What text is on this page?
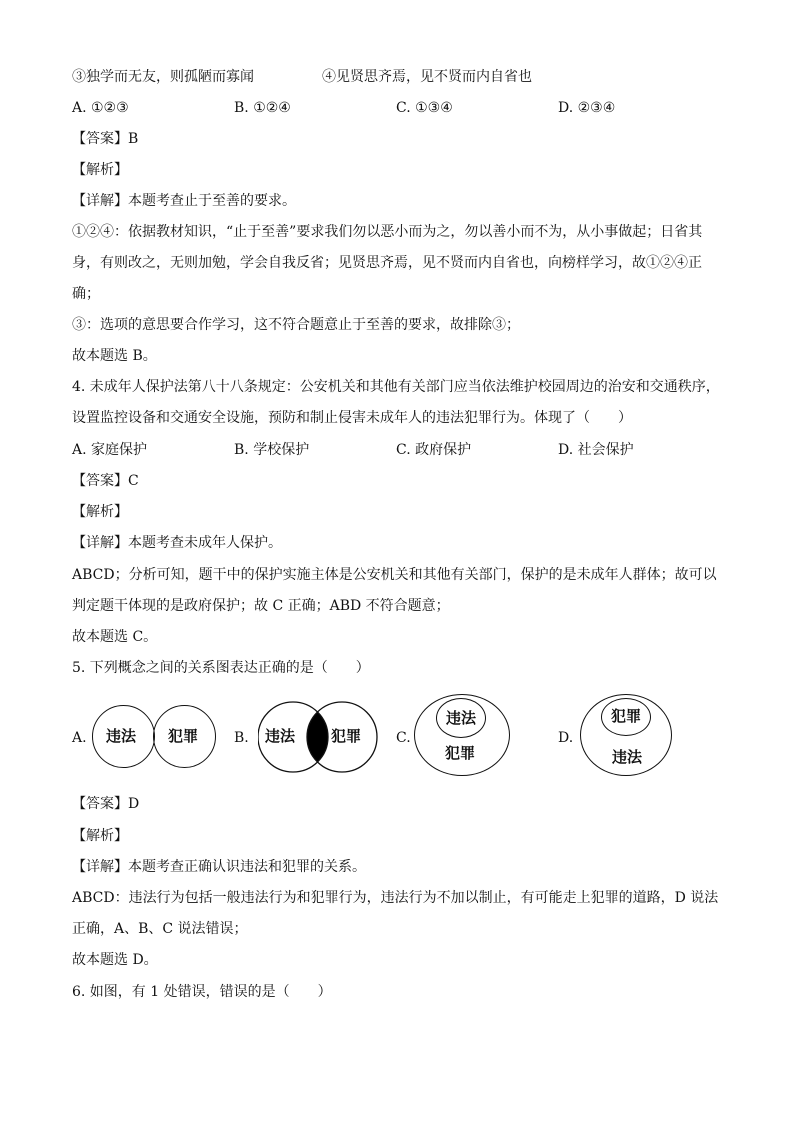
③独学而无友，则孤陋而寡闻	④见贤思齐焉，见不贤而内自省也
A. ①②③	B. ①②④	C. ①③④	D. ②③④
【答案】B
【解析】
【详解】本题考查止于至善的要求。
①②④：依据教材知识，“止于至善”要求我们勿以恶小而为之，勿以善小而不为，从小事做起；日省其
身，有则改之，无则加勉，学会自我反省；见贤思齐焉，见不贤而内自省也，向榜样学习，故①②④正
确；
③：选项的意思要合作学习，这不符合题意止于至善的要求，故排除③；
故本题选 B。
4. 未成年人保护法第八十八条规定：公安机关和其他有关部门应当依法维护校园周边的治安和交通秩序，
设置监控设备和交通安全设施，预防和制止侵害未成年人的违法犯罪行为。体现了（　　）
A. 家庭保护	B. 学校保护	C. 政府保护	D. 社会保护
【答案】C
【解析】
【详解】本题考查未成年人保护。
ABCD；分析可知，题干中的保护实施主体是公安机关和其他有关部门，保护的是未成年人群体；故可以
判定题干体现的是政府保护；故 C 正确；ABD 不符合题意；
故本题选 C。
5. 下列概念之间的关系图表达正确的是（　　）
A. 违法 犯罪	B. 违法 犯罪 C.
违法
犯罪
D.
犯罪
违法
【答案】D
【解析】
【详解】本题考查正确认识违法和犯罪的关系。
ABCD：违法行为包括一般违法行为和犯罪行为，违法行为不加以制止，有可能走上犯罪的道路，D 说法
正确，A、B、C 说法错误；
故本题选 D。
6. 如图，有 1 处错误，错误的是（　　）
